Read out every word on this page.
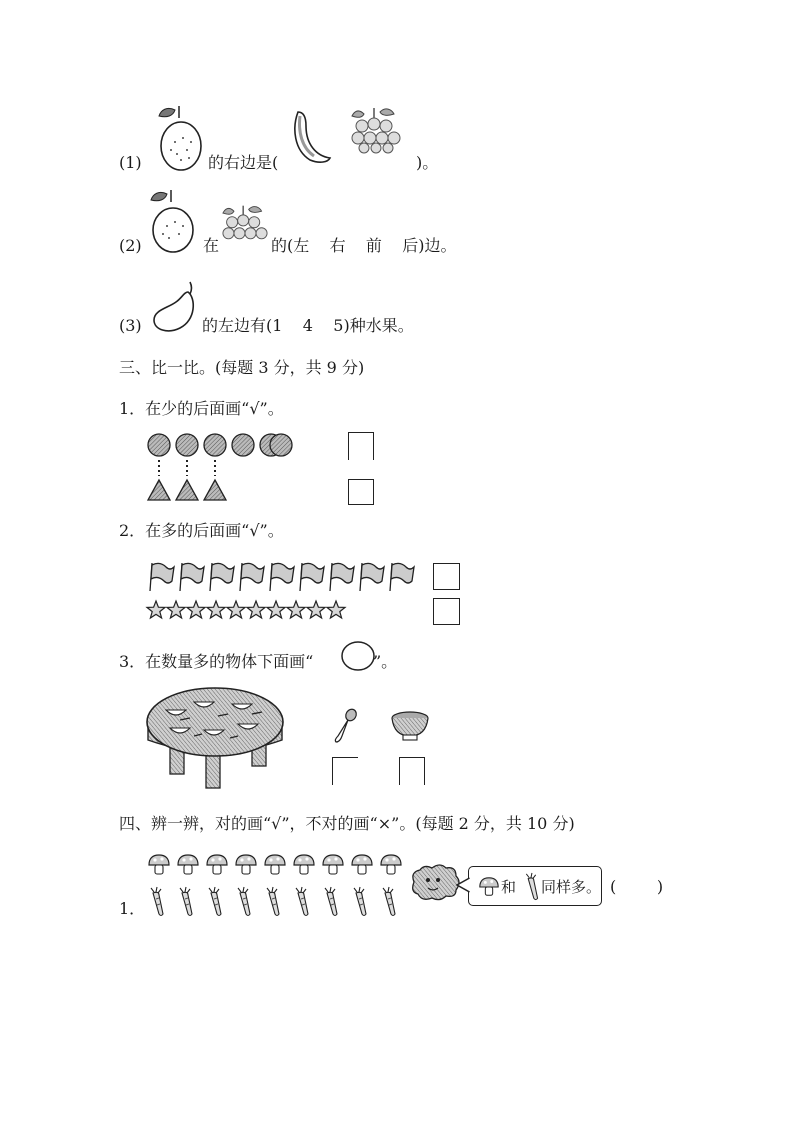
(1)	的右边是(	)。
(2)	在	的(左    右    前    后)边。
(3)	的左边有(1    4    5)种水果。
三、比一比。(每题 3 分，共 9 分)
1．在少的后面画“√”。
2．在多的后面画“√”。
3．在数量多的物体下面画“	”。
四、辨一辨，对的画“√”，不对的画“×”。(每题 2 分，共 10 分)
1．
和 同样多。 (        )
